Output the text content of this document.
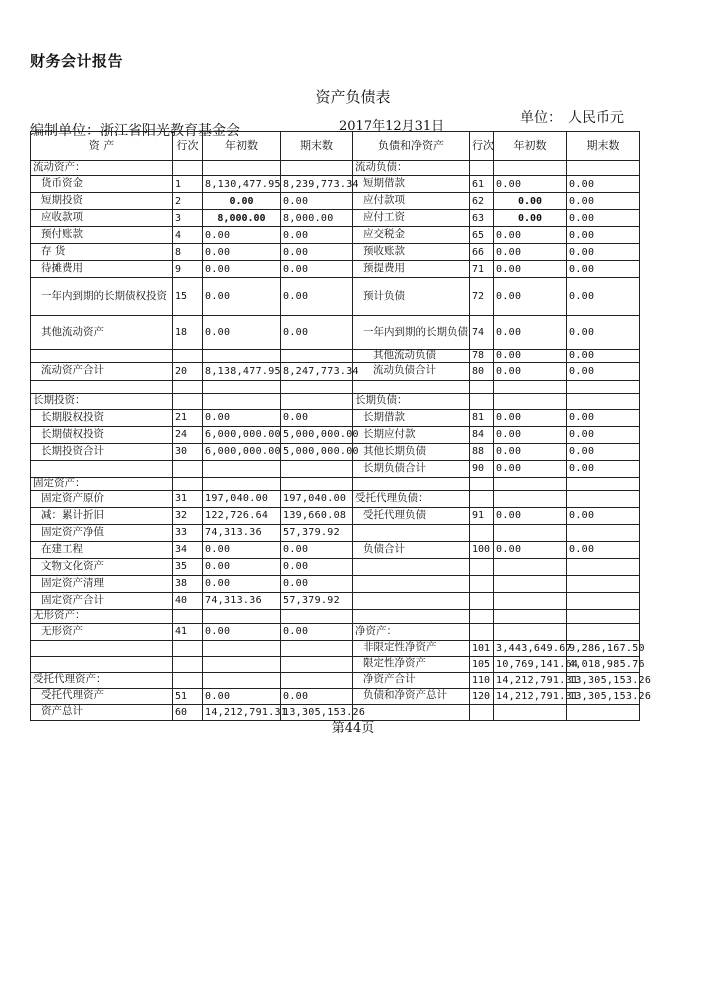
财务会计报告
资产负债表
编制单位：浙江省阳光教育基金会	2017年12月31日
单位： 人民币元
资 产	行次	年初数	期末数	负债和净资产	行次	年初数	期末数
流动资产：				流动负债：			
货币资金	1	8,130,477.95	8,239,773.34	短期借款	61	0.00	0.00
短期投资	2	0.00	0.00	应付款项	62	0.00	0.00
应收款项	3	8,000.00	8,000.00	应付工资	63	0.00	0.00
预付账款	4	0.00	0.00	应交税金	65	0.00	0.00
存 货	8	0.00	0.00	预收账款	66	0.00	0.00
待摊费用	9	0.00	0.00	预提费用	71	0.00	0.00
一年内到期的长期债权投资	15	0.00	0.00	预计负债	72	0.00	0.00
其他流动资产	18	0.00	0.00	一年内到期的长期负债	74	0.00	0.00
				其他流动负债	78	0.00	0.00
流动资产合计	20	8,138,477.95	8,247,773.34	流动负债合计	80	0.00	0.00

长期投资：				长期负债：			
长期股权投资	21	0.00	0.00	长期借款	81	0.00	0.00
长期债权投资	24	6,000,000.00	5,000,000.00	长期应付款	84	0.00	0.00
长期投资合计	30	6,000,000.00	5,000,000.00	其他长期负债	88	0.00	0.00
				长期负债合计	90	0.00	0.00
固定资产：							
固定资产原价	31	197,040.00	197,040.00	受托代理负债：			
减：累计折旧	32	122,726.64	139,660.08	受托代理负债	91	0.00	0.00
固定资产净值	33	74,313.36	57,379.92				
在建工程	34	0.00	0.00	负债合计	100	0.00	0.00
文物文化资产	35	0.00	0.00				
固定资产清理	38	0.00	0.00				
固定资产合计	40	74,313.36	57,379.92				
无形资产：							
无形资产	41	0.00	0.00	净资产：			
				非限定性净资产	101	3,443,649.67	9,286,167.50
				限定性净资产	105	10,769,141.64	4,018,985.76
受托代理资产：				净资产合计	110	14,212,791.31	13,305,153.26
受托代理资产	51	0.00	0.00	负债和净资产总计	120	14,212,791.31	13,305,153.26
资产总计	60	14,212,791.31	13,305,153.26				
第44页
